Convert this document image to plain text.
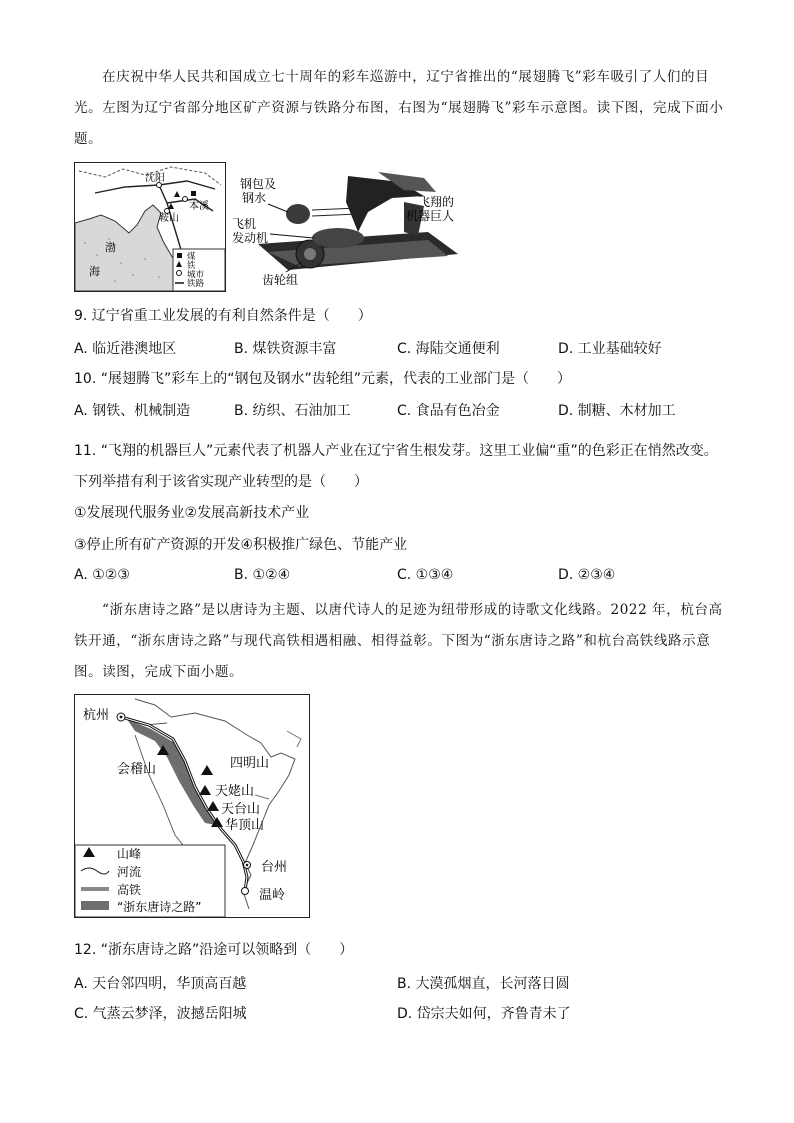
在庆祝中华人民共和国成立七十周年的彩车巡游中，辽宁省推出的“展翅腾飞”彩车吸引了人们的目光。左图为辽宁省部分地区矿产资源与铁路分布图，右图为“展翅腾飞”彩车示意图。读下图，完成下面小题。
沈阳
本溪
鞍山
渤
海
煤
铁
城市
铁路
钢包及
钢水
飞机
发动机
齿轮组
飞翔的
机器巨人
9. 辽宁省重工业发展的有利自然条件是（　　）
A. 临近港澳地区	B. 煤铁资源丰富	C. 海陆交通便利	D. 工业基础较好
10. “展翅腾飞”彩车上的“钢包及钢水”齿轮组”元素，代表的工业部门是（　　）
A. 钢铁、机械制造	B. 纺织、石油加工	C. 食品有色冶金	D. 制糖、木材加工
11. “飞翔的机器巨人”元素代表了机器人产业在辽宁省生根发芽。这里工业偏“重”的色彩正在悄然改变。下列举措有利于该省实现产业转型的是（　　）
①发展现代服务业②发展高新技术产业
③停止所有矿产资源的开发④积极推广绿色、节能产业
A. ①②③	B. ①②④	C. ①③④	D. ②③④
“浙东唐诗之路”是以唐诗为主题、以唐代诗人的足迹为纽带形成的诗歌文化线路。2022 年，杭台高铁开通，“浙东唐诗之路”与现代高铁相遇相融、相得益彰。下图为“浙东唐诗之路”和杭台高铁线路示意图。读图，完成下面小题。
杭州
台州
温岭
会稽山	四明山
天姥山
天台山
华顶山
山峰
河流
高铁
“浙东唐诗之路”
12. “浙东唐诗之路”沿途可以领略到（　　）
A. 天台邻四明，华顶高百越	B. 大漠孤烟直，长河落日圆
C. 气蒸云梦泽，波撼岳阳城	D. 岱宗夫如何，齐鲁青未了
